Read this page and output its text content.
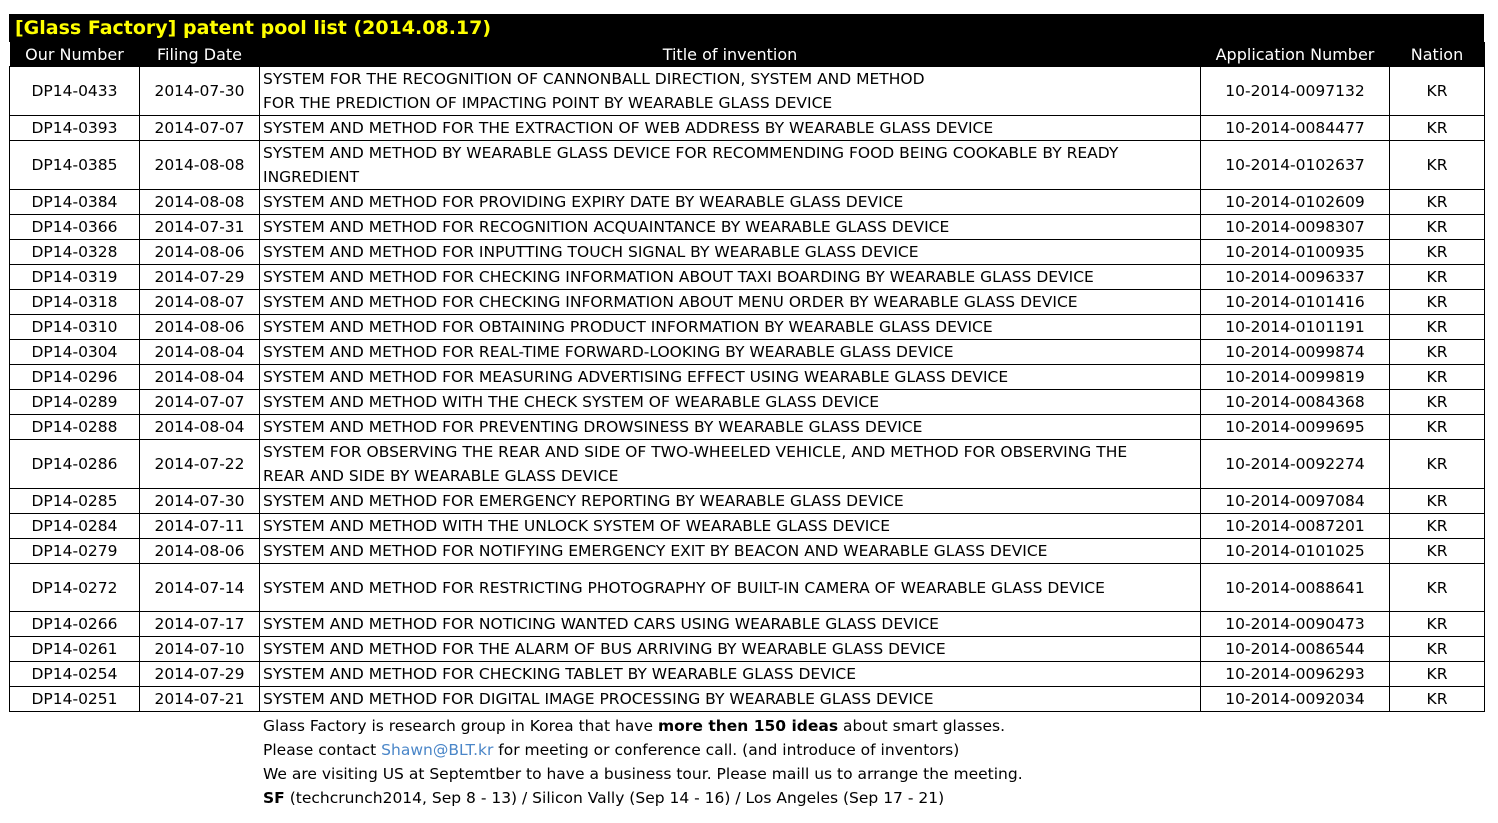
[Glass Factory] patent pool list (2014.08.17)
Our Number	Filing Date	Title of invention	Application Number	Nation
DP14-0433	2014-07-30	SYSTEM FOR THE RECOGNITION OF CANNONBALL DIRECTION, SYSTEM AND METHOD
FOR THE PREDICTION OF IMPACTING POINT BY WEARABLE GLASS DEVICE	10-2014-0097132	KR
DP14-0393	2014-07-07	SYSTEM AND METHOD FOR THE EXTRACTION OF WEB ADDRESS BY WEARABLE GLASS DEVICE	10-2014-0084477	KR
DP14-0385	2014-08-08	SYSTEM AND METHOD BY WEARABLE GLASS DEVICE FOR RECOMMENDING FOOD BEING COOKABLE BY READY
INGREDIENT	10-2014-0102637	KR
DP14-0384	2014-08-08	SYSTEM AND METHOD FOR PROVIDING EXPIRY DATE BY WEARABLE GLASS DEVICE	10-2014-0102609	KR
DP14-0366	2014-07-31	SYSTEM AND METHOD FOR RECOGNITION ACQUAINTANCE BY WEARABLE GLASS DEVICE	10-2014-0098307	KR
DP14-0328	2014-08-06	SYSTEM AND METHOD FOR INPUTTING TOUCH SIGNAL BY WEARABLE GLASS DEVICE	10-2014-0100935	KR
DP14-0319	2014-07-29	SYSTEM AND METHOD FOR CHECKING INFORMATION ABOUT TAXI BOARDING BY WEARABLE GLASS DEVICE	10-2014-0096337	KR
DP14-0318	2014-08-07	SYSTEM AND METHOD FOR CHECKING INFORMATION ABOUT MENU ORDER BY WEARABLE GLASS DEVICE	10-2014-0101416	KR
DP14-0310	2014-08-06	SYSTEM AND METHOD FOR OBTAINING PRODUCT INFORMATION BY WEARABLE GLASS DEVICE	10-2014-0101191	KR
DP14-0304	2014-08-04	SYSTEM AND METHOD FOR REAL-TIME FORWARD-LOOKING BY WEARABLE GLASS DEVICE	10-2014-0099874	KR
DP14-0296	2014-08-04	SYSTEM AND METHOD FOR MEASURING ADVERTISING EFFECT USING WEARABLE GLASS DEVICE	10-2014-0099819	KR
DP14-0289	2014-07-07	SYSTEM AND METHOD WITH THE CHECK SYSTEM OF WEARABLE GLASS DEVICE	10-2014-0084368	KR
DP14-0288	2014-08-04	SYSTEM AND METHOD FOR PREVENTING DROWSINESS BY WEARABLE GLASS DEVICE	10-2014-0099695	KR
DP14-0286	2014-07-22	SYSTEM FOR OBSERVING THE REAR AND SIDE OF TWO-WHEELED VEHICLE, AND METHOD FOR OBSERVING THE
REAR AND SIDE BY WEARABLE GLASS DEVICE	10-2014-0092274	KR
DP14-0285	2014-07-30	SYSTEM AND METHOD FOR EMERGENCY REPORTING BY WEARABLE GLASS DEVICE	10-2014-0097084	KR
DP14-0284	2014-07-11	SYSTEM AND METHOD WITH THE UNLOCK SYSTEM OF WEARABLE GLASS DEVICE	10-2014-0087201	KR
DP14-0279	2014-08-06	SYSTEM AND METHOD FOR NOTIFYING EMERGENCY EXIT BY BEACON AND WEARABLE GLASS DEVICE	10-2014-0101025	KR
DP14-0272	2014-07-14	SYSTEM AND METHOD FOR RESTRICTING PHOTOGRAPHY OF BUILT-IN CAMERA OF WEARABLE GLASS DEVICE	10-2014-0088641	KR
DP14-0266	2014-07-17	SYSTEM AND METHOD FOR NOTICING WANTED CARS USING WEARABLE GLASS DEVICE	10-2014-0090473	KR
DP14-0261	2014-07-10	SYSTEM AND METHOD FOR THE ALARM OF BUS ARRIVING BY WEARABLE GLASS DEVICE	10-2014-0086544	KR
DP14-0254	2014-07-29	SYSTEM AND METHOD FOR CHECKING TABLET BY WEARABLE GLASS DEVICE	10-2014-0096293	KR
DP14-0251	2014-07-21	SYSTEM AND METHOD FOR DIGITAL IMAGE PROCESSING BY WEARABLE GLASS DEVICE	10-2014-0092034	KR
Glass Factory is research group in Korea that have more then 150 ideas about smart glasses.
Please contact Shawn@BLT.kr for meeting or conference call. (and introduce of inventors)
We are visiting US at Septemtber to have a business tour. Please maill us to arrange the meeting.
SF (techcrunch2014, Sep 8 - 13) / Silicon Vally (Sep 14 - 16) / Los Angeles (Sep 17 - 21)
